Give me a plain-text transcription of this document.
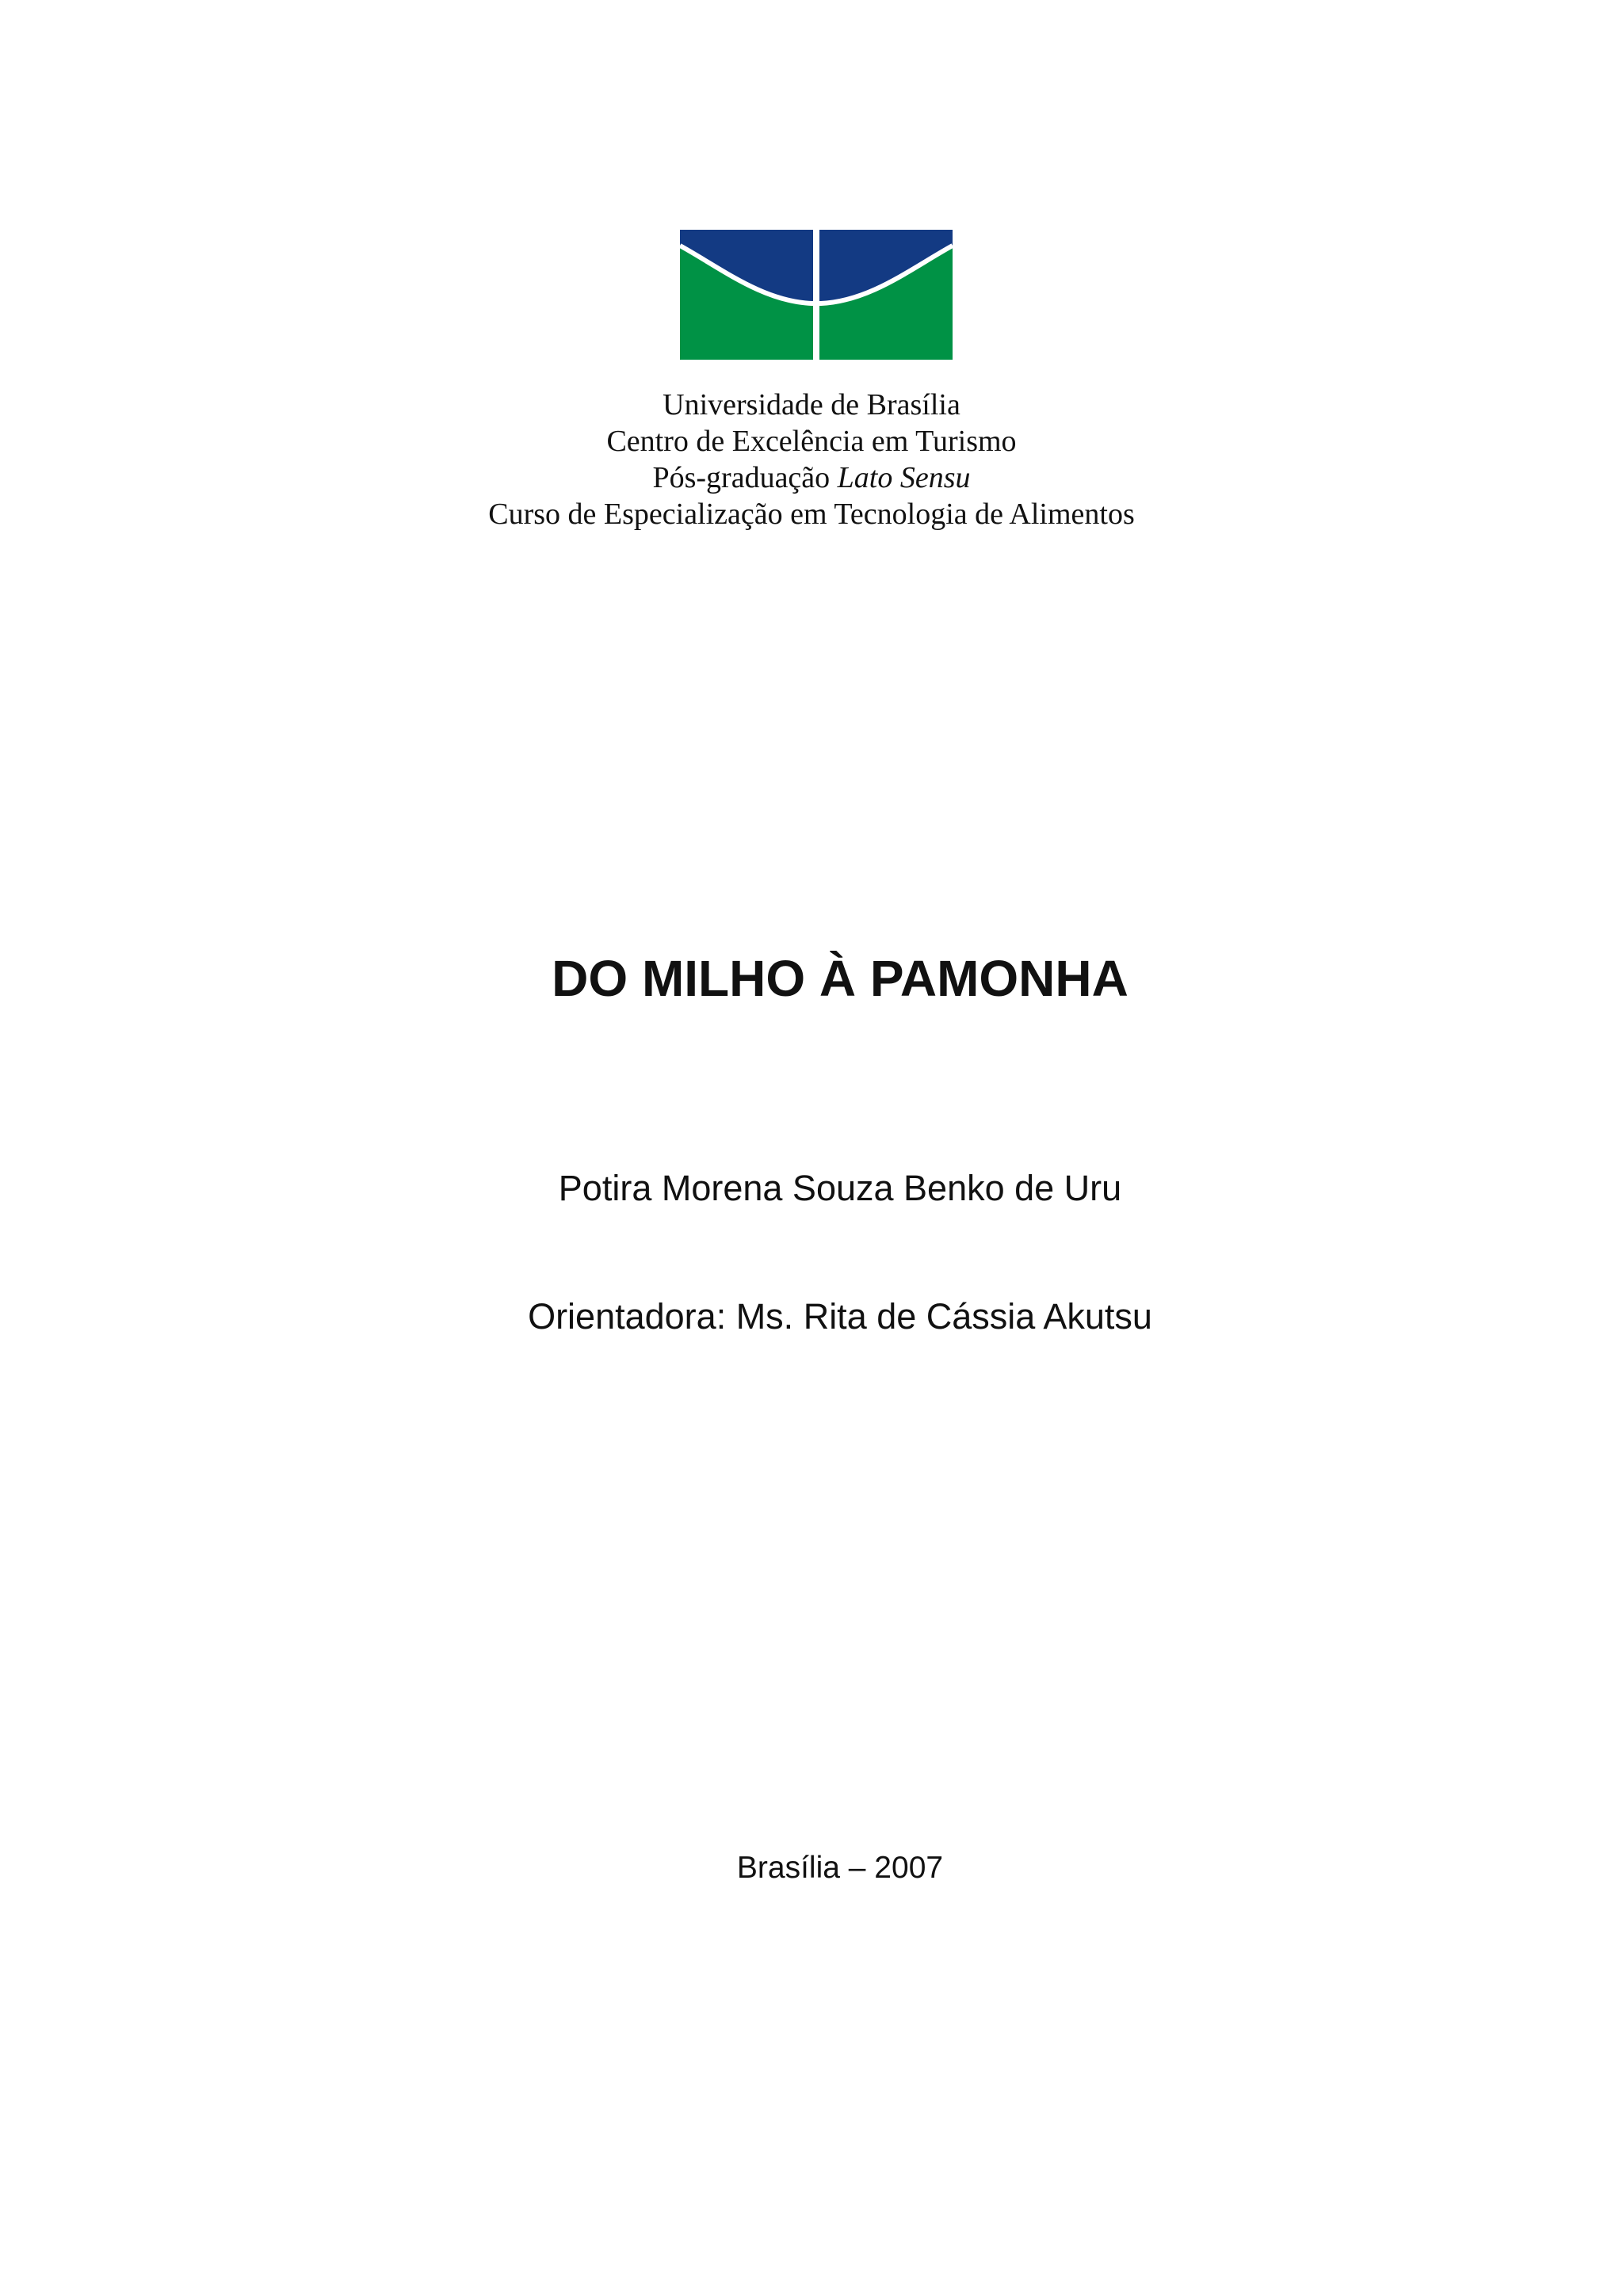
Universidade de Brasília
Centro de Excelência em Turismo
Pós-graduação Lato Sensu
Curso de Especialização em Tecnologia de Alimentos
DO MILHO À PAMONHA
Potira Morena Souza Benko de Uru
Orientadora: Ms. Rita de Cássia Akutsu
Brasília – 2007
